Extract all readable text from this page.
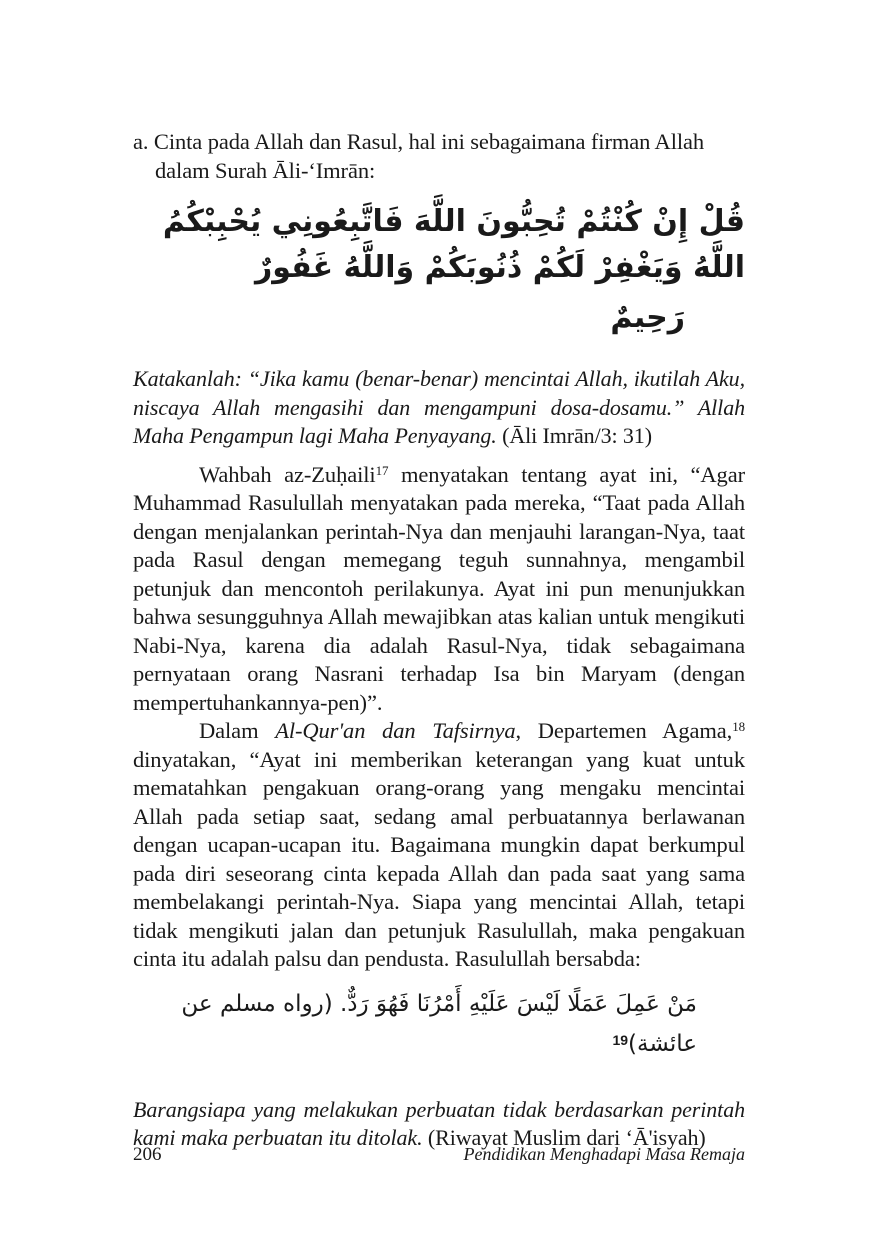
a. Cinta pada Allah dan Rasul, hal ini sebagaimana firman Allah dalam Surah Āli-‘Imrān:

قُلْ إِنْ كُنْتُمْ تُحِبُّونَ اللَّهَ فَاتَّبِعُونِي يُحْبِبْكُمُ اللَّهُ وَيَغْفِرْ لَكُمْ ذُنُوبَكُمْ وَاللَّهُ غَفُورٌ
رَحِيمٌ

Katakanlah: “Jika kamu (benar-benar) mencintai Allah, ikutilah Aku, niscaya Allah mengasihi dan mengampuni dosa-dosamu.” Allah Maha Pengampun lagi Maha Penyayang. (Āli Imrān/3: 31)

Wahbah az-Zuḥaili$^{17}$ menyatakan tentang ayat ini, “Agar Muhammad Rasulullah menyatakan pada mereka, “Taat pada Allah dengan menjalankan perintah-Nya dan menjauhi larangan-Nya, taat pada Rasul dengan memegang teguh sunnahnya, mengambil petunjuk dan mencontoh perilakunya. Ayat ini pun menunjukkan bahwa sesungguhnya Allah mewajibkan atas kalian untuk mengikuti Nabi-Nya, karena dia adalah Rasul-Nya, tidak sebagaimana pernyataan orang Nasrani terhadap Isa bin Maryam (dengan mempertuhankannya-pen)”.

Dalam Al-Qur'an dan Tafsirnya, Departemen Agama,$^{18}$ dinyatakan, “Ayat ini memberikan keterangan yang kuat untuk mematahkan pengakuan orang-orang yang mengaku mencintai Allah pada setiap saat, sedang amal perbuatannya berlawanan dengan ucapan-ucapan itu. Bagaimana mungkin dapat berkumpul pada diri seseorang cinta kepada Allah dan pada saat yang sama membelakangi perintah-Nya. Siapa yang mencintai Allah, tetapi tidak mengikuti jalan dan petunjuk Rasulullah, maka pengakuan cinta itu adalah palsu dan pendusta. Rasulullah bersabda:

مَنْ عَمِلَ عَمَلًا لَيْسَ عَلَيْهِ أَمْرُنَا فَهُوَ رَدٌّ. (رواه مسلم عن عائشة)$^{19}$

Barangsiapa yang melakukan perbuatan tidak berdasarkan perintah kami maka perbuatan itu ditolak. (Riwayat Muslim dari ‘Ā'isyah)

206	Pendidikan Menghadapi Masa Remaja
